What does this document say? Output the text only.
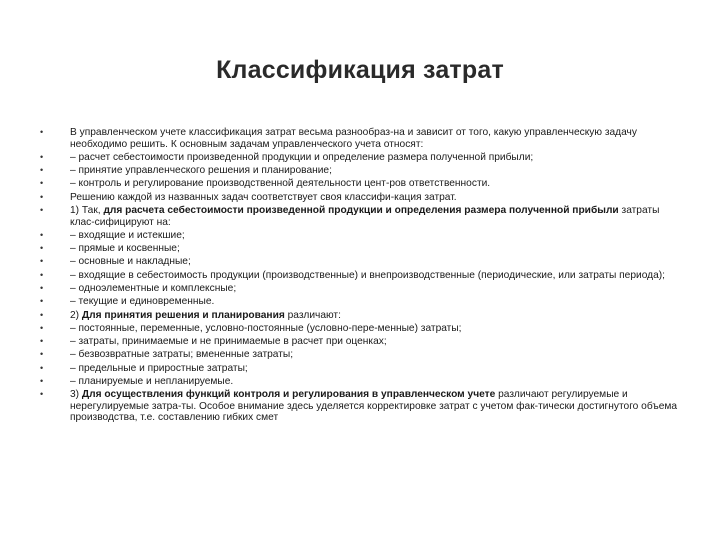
Классификация затрат
•	В управленческом учете классификация затрат весьма разнообраз-на и зависит от того, какую управленческую задачу необходимо решить. К основным задачам управленческого учета относят:
•	– расчет себестоимости произведенной продукции и определение размера полученной прибыли;
•	– принятие управленческого решения и планирование;
•	– контроль и регулирование производственной деятельности цент-ров ответственности.
•	Решению каждой из названных задач соответствует своя классифи-кация затрат.
•	1) Так, для расчета себестоимости произведенной продукции и определения размера полученной прибыли затраты клас-сифицируют на:
•	– входящие и истекшие;
•	– прямые и косвенные;
•	– основные и накладные;
•	– входящие в себестоимость продукции (производственные) и внепроизводственные (периодические, или затраты периода);
•	– одноэлементные и комплексные;
•	– текущие и единовременные.
•	2) Для принятия решения и планирования различают:
•	– постоянные, переменные, условно-постоянные (условно-пере-менные) затраты;
•	– затраты, принимаемые и не принимаемые в расчет при оценках;
•	– безвозвратные затраты; вмененные затраты;
•	– предельные и приростные затраты;
•	– планируемые и непланируемые.
•	3) Для осуществления функций контроля и регулирования в управленческом учете различают регулируемые и нерегулируемые затра-ты. Особое внимание здесь уделяется корректировке затрат с учетом фак-тически достигнутого объема производства, т.е. составлению гибких смет
